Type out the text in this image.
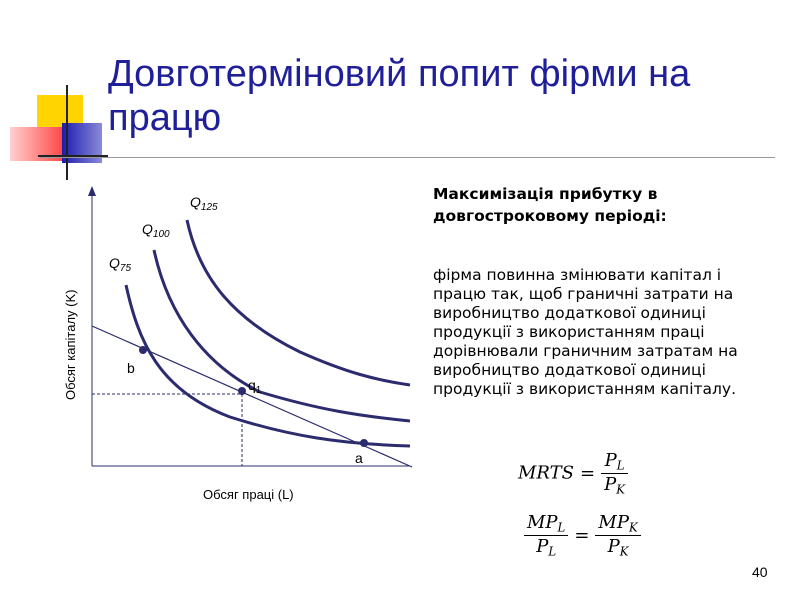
Довготерміновий попит фірми на працю
b
$q_1$
a
$Q_{75}$
$Q_{100}$
$Q_{125}$
Обсяг капіталу (K)
Обсяг праці (L)
Максимізація прибутку в довгостроковому періоді:
фірма повинна змінювати капітал і працю так, щоб граничні затрати на виробництво додаткової одиниці продукції з використанням праці дорівнювали граничним затратам на виробництво додаткової одиниці продукції з використанням капіталу.
MRTS = $\frac{P_L}{P_K}$
$\frac{MP_L}{P_L} = \frac{MP_K}{P_K}$
40
